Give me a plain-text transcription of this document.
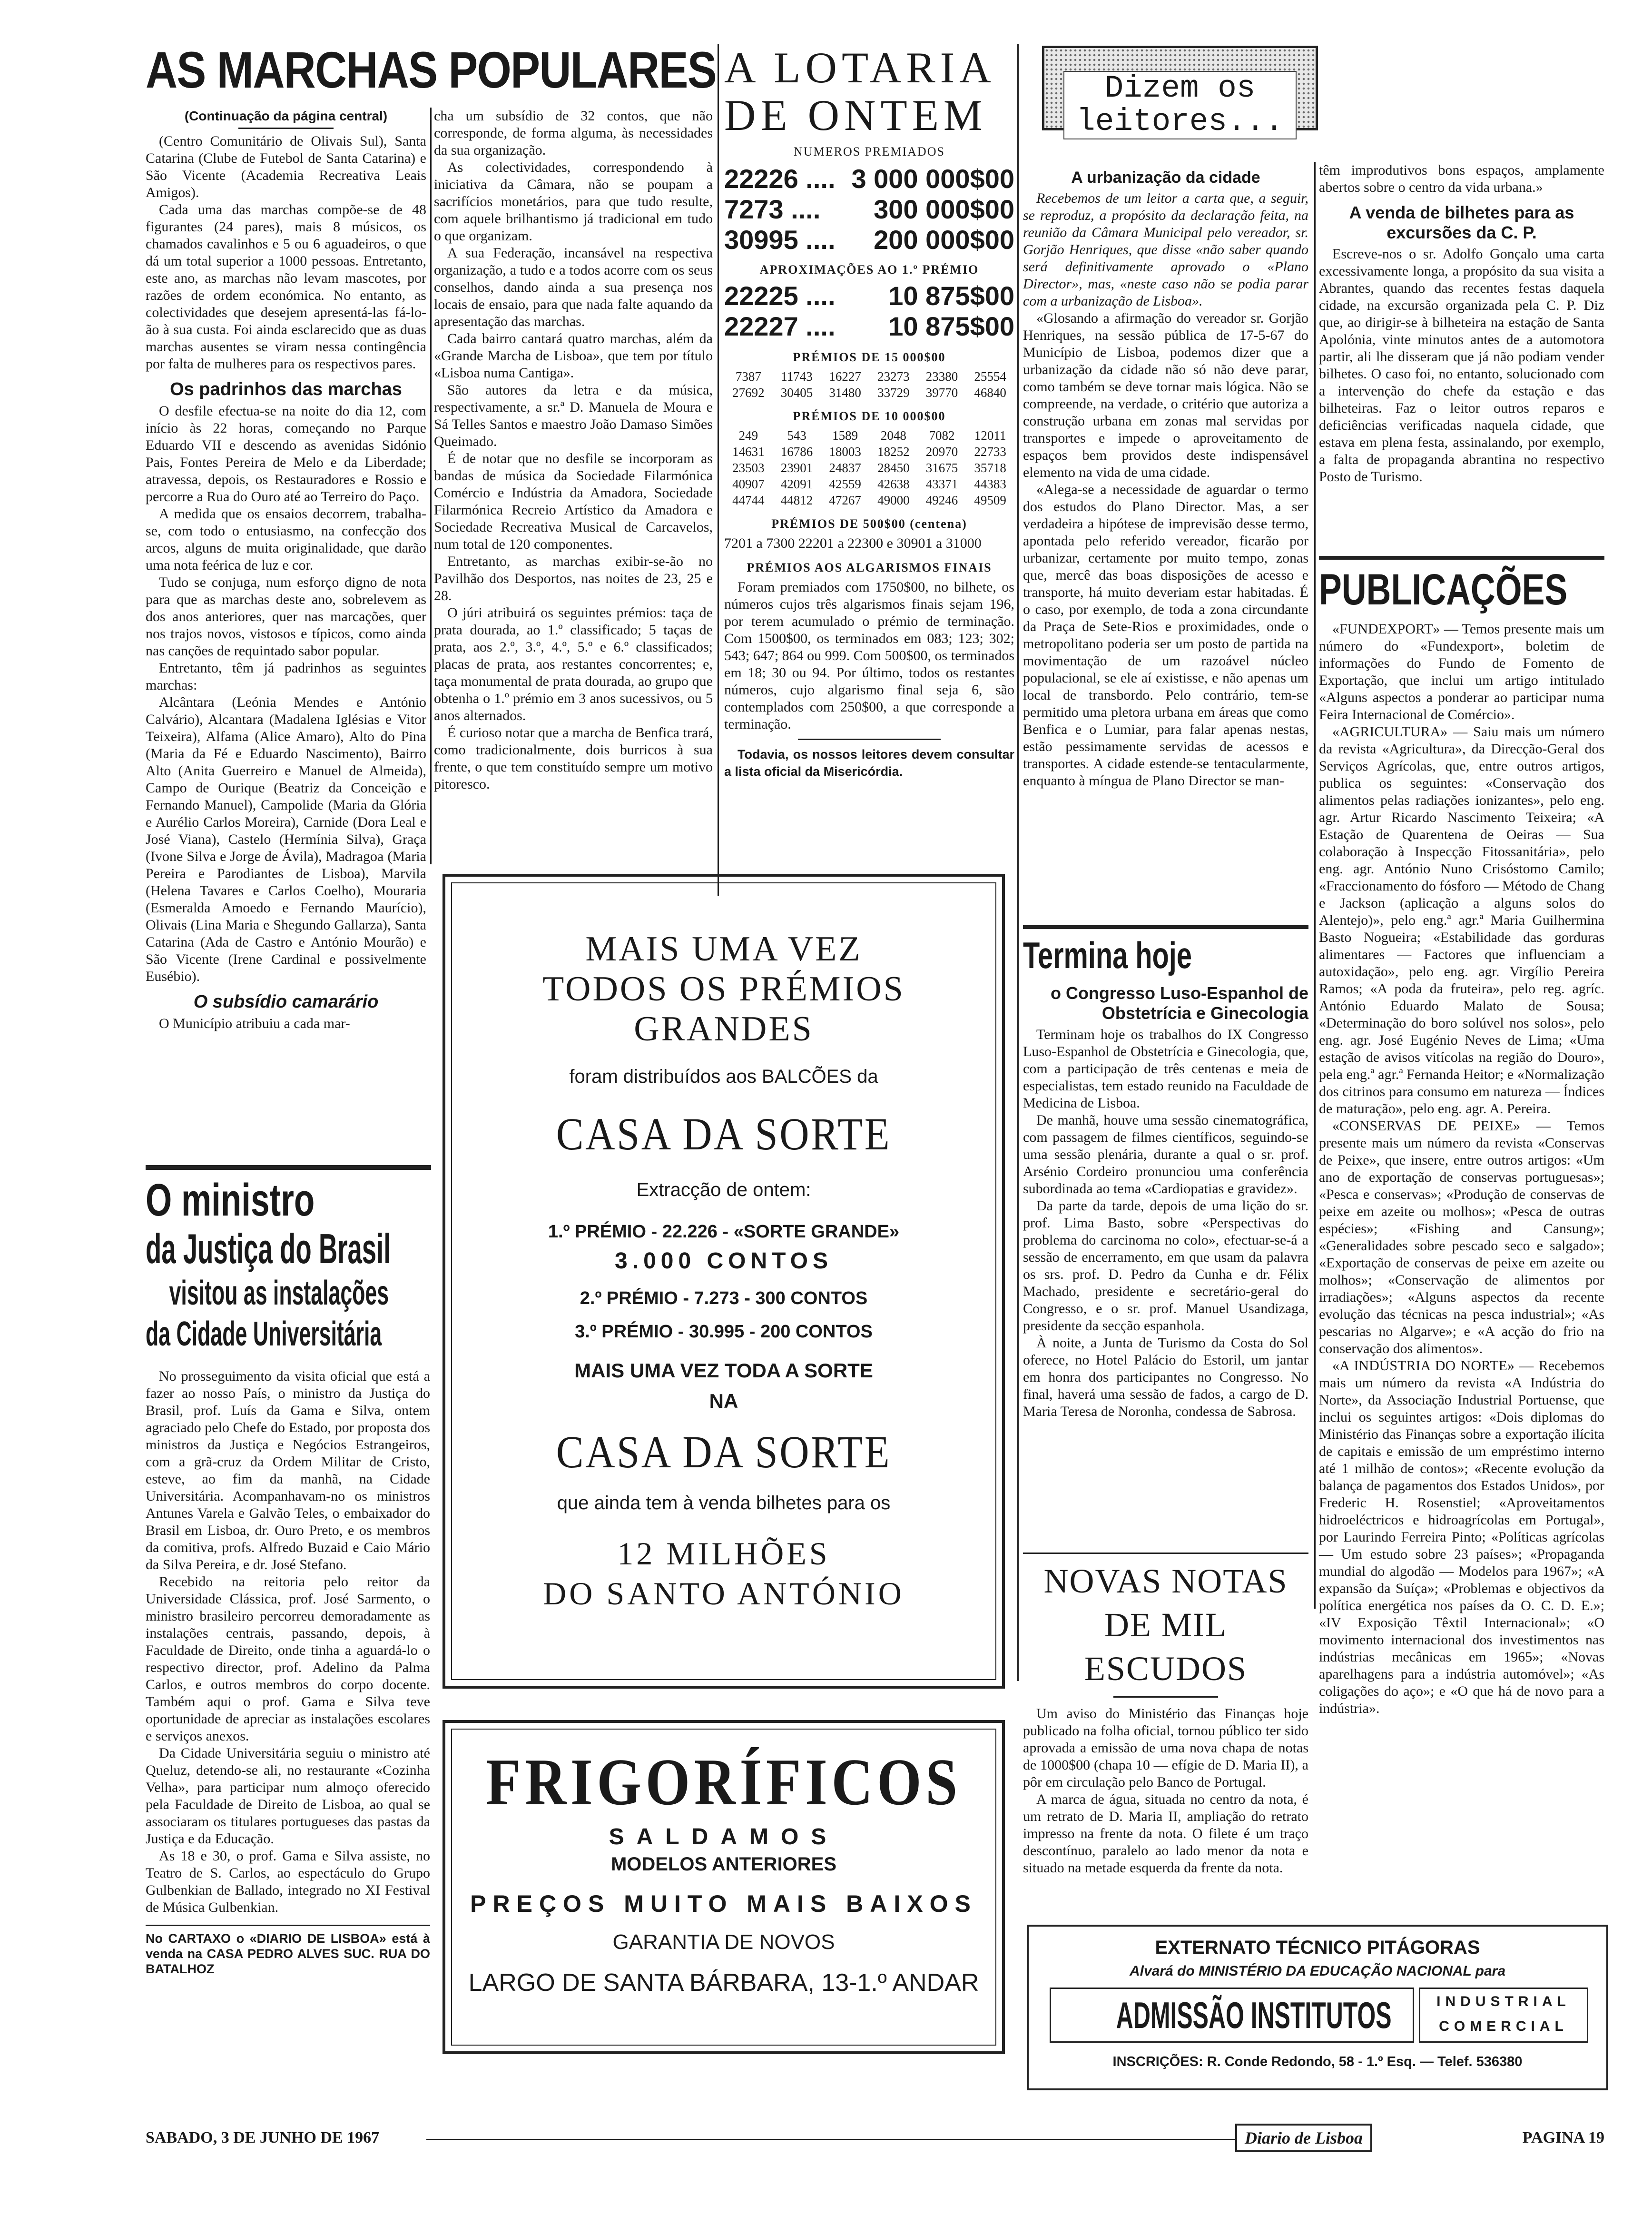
AS MARCHAS POPULARES

(Continuação da página central)

(Centro Comunitário de Olivais Sul), Santa Catarina (Clube de Futebol de Santa Catarina) e São Vicente (Academia Recreativa Leais Amigos).

Cada uma das marchas compõe-se de 48 figurantes (24 pares), mais 8 músicos, os chamados cavalinhos e 5 ou 6 aguadeiros, o que dá um total superior a 1000 pessoas. Entretanto, este ano, as marchas não levam mascotes, por razões de ordem económica. No entanto, as colectividades que desejem apresentá-las fá-lo-ão à sua custa. Foi ainda esclarecido que as duas marchas ausentes se viram nessa contingência por falta de mulheres para os respectivos pares.

Os padrinhos das marchas

O desfile efectua-se na noite do dia 12, com início às 22 horas, começando no Parque Eduardo VII e descendo as avenidas Sidónio Pais, Fontes Pereira de Melo e da Liberdade; atravessa, depois, os Restauradores e Rossio e percorre a Rua do Ouro até ao Terreiro do Paço.

A medida que os ensaios decorrem, trabalha-se, com todo o entusiasmo, na confecção dos arcos, alguns de muita originalidade, que darão uma nota feérica de luz e cor.

Tudo se conjuga, num esforço digno de nota para que as marchas deste ano, sobrelevem as dos anos anteriores, quer nas marcações, quer nos trajos novos, vistosos e típicos, como ainda nas canções de requintado sabor popular.

Entretanto, têm já padrinhos as seguintes marchas:

Alcântara (Leónia Mendes e António Calvário), Alcantara (Madalena Iglésias e Vitor Teixeira), Alfama (Alice Amaro), Alto do Pina (Maria da Fé e Eduardo Nascimento), Bairro Alto (Anita Guerreiro e Manuel de Almeida), Campo de Ourique (Beatriz da Conceição e Fernando Manuel), Campolide (Maria da Glória e Aurélio Carlos Moreira), Carnide (Dora Leal e José Viana), Castelo (Hermínia Silva), Graça (Ivone Silva e Jorge de Ávila), Madragoa (Maria Pereira e Parodiantes de Lisboa), Marvila (Helena Tavares e Carlos Coelho), Mouraria (Esmeralda Amoedo e Fernando Maurício), Olivais (Lina Maria e Shegundo Gallarza), Santa Catarina (Ada de Castro e António Mourão) e São Vicente (Irene Cardinal e possivelmente Eusébio).

O subsídio camarário

O Município atribuiu a cada mar-

cha um subsídio de 32 contos, que não corresponde, de forma alguma, às necessidades da sua organização.

As colectividades, correspondendo à iniciativa da Câmara, não se poupam a sacrifícios monetários, para que tudo resulte, com aquele brilhantismo já tradicional em tudo o que organizam.

A sua Federação, incansável na respectiva organização, a tudo e a todos acorre com os seus conselhos, dando ainda a sua presença nos locais de ensaio, para que nada falte aquando da apresentação das marchas.

Cada bairro cantará quatro marchas, além da «Grande Marcha de Lisboa», que tem por título «Lisboa numa Cantiga».

São autores da letra e da música, respectivamente, a sr.ª D. Manuela de Moura e Sá Telles Santos e maestro João Damaso Simões Queimado.

É de notar que no desfile se incorporam as bandas de música da Sociedade Filarmónica Comércio e Indústria da Amadora, Sociedade Filarmónica Recreio Artístico da Amadora e Sociedade Recreativa Musical de Carcavelos, num total de 120 componentes.

Entretanto, as marchas exibir-se-ão no Pavilhão dos Desportos, nas noites de 23, 25 e 28.

O júri atribuirá os seguintes prémios: taça de prata dourada, ao 1.º classificado; 5 taças de prata, aos 2.º, 3.º, 4.º, 5.º e 6.º classificados; placas de prata, aos restantes concorrentes; e, taça monumental de prata dourada, ao grupo que obtenha o 1.º prémio em 3 anos sucessivos, ou 5 anos alternados.

É curioso notar que a marcha de Benfica trará, como tradicionalmente, dois burricos à sua frente, o que tem constituído sempre um motivo pitoresco.

O ministro
da Justiça do Brasil
visitou as instalações
da Cidade Universitária

No prosseguimento da visita oficial que está a fazer ao nosso País, o ministro da Justiça do Brasil, prof. Luís da Gama e Silva, ontem agraciado pelo Chefe do Estado, por proposta dos ministros da Justiça e Negócios Estrangeiros, com a grã-cruz da Ordem Militar de Cristo, esteve, ao fim da manhã, na Cidade Universitária. Acompanhavam-no os ministros Antunes Varela e Galvão Teles, o embaixador do Brasil em Lisboa, dr. Ouro Preto, e os membros da comitiva, profs. Alfredo Buzaid e Caio Mário da Silva Pereira, e dr. José Stefano.

Recebido na reitoria pelo reitor da Universidade Clássica, prof. José Sarmento, o ministro brasileiro percorreu demoradamente as instalações centrais, passando, depois, à Faculdade de Direito, onde tinha a aguardá-lo o respectivo director, prof. Adelino da Palma Carlos, e outros membros do corpo docente. Também aqui o prof. Gama e Silva teve oportunidade de apreciar as instalações escolares e serviços anexos.

Da Cidade Universitária seguiu o ministro até Queluz, detendo-se ali, no restaurante «Cozinha Velha», para participar num almoço oferecido pela Faculdade de Direito de Lisboa, ao qual se associaram os titulares portugueses das pastas da Justiça e da Educação.

As 18 e 30, o prof. Gama e Silva assiste, no Teatro de S. Carlos, ao espectáculo do Grupo Gulbenkian de Ballado, integrado no XI Festival de Música Gulbenkian.

No CARTAXO o «DIARIO DE LISBOA» está à venda na CASA PEDRO ALVES SUC. RUA DO BATALHOZ

A LOTARIA
DE ONTEM
NUMEROS PREMIADOS
22226 .... 3 000 000$00
7273 .... 300 000$00
30995 .... 200 000$00
APROXIMAÇÕES AO 1.º PRÉMIO
22225 .... 10 875$00
22227 .... 10 875$00
PRÉMIOS DE 15 000$00
7387	11743	16227	23273	23380	25554
27692	30405	31480	33729	39770	46840
PRÉMIOS DE 10 000$00
249	543	1589	2048	7082	12011
14631	16786	18003	18252	20970	22733
23503	23901	24837	28450	31675	35718
40907	42091	42559	42638	43371	44383
44744	44812	47267	49000	49246	49509
PRÉMIOS DE 500$00 (centena)

7201 a 7300 22201 a 22300 e 30901 a 31000

PRÉMIOS AOS ALGARISMOS FINAIS

Foram premiados com 1750$00, no bilhete, os números cujos três algarismos finais sejam 196, por terem acumulado o prémio de terminação. Com 1500$00, os terminados em 083; 123; 302; 543; 647; 864 ou 999. Com 500$00, os terminados em 18; 30 ou 94. Por último, todos os restantes números, cujo algarismo final seja 6, são contemplados com 250$00, a que corresponde a terminação.

Todavia, os nossos leitores devem consultar a lista oficial da Misericórdia.

MAIS UMA VEZ
TODOS OS PRÉMIOS
GRANDES
foram distribuídos aos BALCÕES da
CASA DA SORTE
Extracção de ontem:
1.º PRÉMIO - 22.226 - «SORTE GRANDE»
3.000 CONTOS
2.º PRÉMIO - 7.273 - 300 CONTOS
3.º PRÉMIO - 30.995 - 200 CONTOS
MAIS UMA VEZ TODA A SORTE
NA
CASA DA SORTE
que ainda tem à venda bilhetes para os
12 MILHÕES
DO SANTO ANTÓNIO
FRIGORÍFICOS
SALDAMOS
MODELOS ANTERIORES
PREÇOS MUITO MAIS BAIXOS
GARANTIA DE NOVOS
LARGO DE SANTA BÁRBARA, 13-1.º ANDAR
Dizem os leitores...
A urbanização da cidade

Recebemos de um leitor a carta que, a seguir, se reproduz, a propósito da declaração feita, na reunião da Câmara Municipal pelo vereador, sr. Gorjão Henriques, que disse «não saber quando será definitivamente aprovado o «Plano Director», mas, «neste caso não se podia parar com a urbanização de Lisboa».

«Glosando a afirmação do vereador sr. Gorjão Henriques, na sessão pública de 17-5-67 do Município de Lisboa, podemos dizer que a urbanização da cidade não só não deve parar, como também se deve tornar mais lógica. Não se compreende, na verdade, o critério que autoriza a construção urbana em zonas mal servidas por transportes e impede o aproveitamento de espaços bem providos deste indispensável elemento na vida de uma cidade.

«Alega-se a necessidade de aguardar o termo dos estudos do Plano Director. Mas, a ser verdadeira a hipótese de imprevisão desse termo, apontada pelo referido vereador, ficarão por urbanizar, certamente por muito tempo, zonas que, mercê das boas disposições de acesso e transporte, há muito deveriam estar habitadas. É o caso, por exemplo, de toda a zona circundante da Praça de Sete-Rios e proximidades, onde o metropolitano poderia ser um posto de partida na movimentação de um razoável núcleo populacional, se ele aí existisse, e não apenas um local de transbordo. Pelo contrário, tem-se permitido uma pletora urbana em áreas que como Benfica e o Lumiar, para falar apenas nestas, estão pessimamente servidas de acessos e transportes. A cidade estende-se tentacularmente, enquanto à míngua de Plano Director se man-

têm improdutivos bons espaços, amplamente abertos sobre o centro da vida urbana.»

A venda de bilhetes para as excursões da C. P.

Escreve-nos o sr. Adolfo Gonçalo uma carta excessivamente longa, a propósito da sua visita a Abrantes, quando das recentes festas daquela cidade, na excursão organizada pela C. P. Diz que, ao dirigir-se à bilheteira na estação de Santa Apolónia, vinte minutos antes de a automotora partir, ali lhe disseram que já não podiam vender bilhetes. O caso foi, no entanto, solucionado com a intervenção do chefe da estação e das bilheteiras. Faz o leitor outros reparos e deficiências verificadas naquela cidade, que estava em plena festa, assinalando, por exemplo, a falta de propaganda abrantina no respectivo Posto de Turismo.

Termina hoje
o Congresso Luso-Espanhol de Obstetrícia e Ginecologia

Terminam hoje os trabalhos do IX Congresso Luso-Espanhol de Obstetrícia e Ginecologia, que, com a participação de três centenas e meia de especialistas, tem estado reunido na Faculdade de Medicina de Lisboa.

De manhã, houve uma sessão cinematográfica, com passagem de filmes científicos, seguindo-se uma sessão plenária, durante a qual o sr. prof. Arsénio Cordeiro pronunciou uma conferência subordinada ao tema «Cardiopatias e gravidez».

Da parte da tarde, depois de uma lição do sr. prof. Lima Basto, sobre «Perspectivas do problema do carcinoma no colo», efectuar-se-á a sessão de encerramento, em que usam da palavra os srs. prof. D. Pedro da Cunha e dr. Félix Machado, presidente e secretário-geral do Congresso, e o sr. prof. Manuel Usandizaga, presidente da secção espanhola.

À noite, a Junta de Turismo da Costa do Sol oferece, no Hotel Palácio do Estoril, um jantar em honra dos participantes no Congresso. No final, haverá uma sessão de fados, a cargo de D. Maria Teresa de Noronha, condessa de Sabrosa.

NOVAS NOTAS
DE MIL ESCUDOS

Um aviso do Ministério das Finanças hoje publicado na folha oficial, tornou público ter sido aprovada a emissão de uma nova chapa de notas de 1000$00 (chapa 10 — efígie de D. Maria II), a pôr em circulação pelo Banco de Portugal.

A marca de água, situada no centro da nota, é um retrato de D. Maria II, ampliação do retrato impresso na frente da nota. O filete é um traço descontínuo, paralelo ao lado menor da nota e situado na metade esquerda da frente da nota.

PUBLICAÇÕES

«FUNDEXPORT» — Temos presente mais um número do «Fundexport», boletim de informações do Fundo de Fomento de Exportação, que inclui um artigo intitulado «Alguns aspectos a ponderar ao participar numa Feira Internacional de Comércio».

«AGRICULTURA» — Saiu mais um número da revista «Agricultura», da Direcção-Geral dos Serviços Agrícolas, que, entre outros artigos, publica os seguintes: «Conservação dos alimentos pelas radiações ionizantes», pelo eng. agr. Artur Ricardo Nascimento Teixeira; «A Estação de Quarentena de Oeiras — Sua colaboração à Inspecção Fitossanitária», pelo eng. agr. António Nuno Crisóstomo Camilo; «Fraccionamento do fósforo — Método de Chang e Jackson (aplicação a alguns solos do Alentejo)», pelo eng.ª agr.ª Maria Guilhermina Basto Nogueira; «Estabilidade das gorduras alimentares — Factores que influenciam a autoxidação», pelo eng. agr. Virgílio Pereira Ramos; «A poda da fruteira», pelo reg. agríc. António Eduardo Malato de Sousa; «Determinação do boro solúvel nos solos», pelo eng. agr. José Eugénio Neves de Lima; «Uma estação de avisos vitícolas na região do Douro», pela eng.ª agr.ª Fernanda Heitor; e «Normalização dos citrinos para consumo em natureza — Índices de maturação», pelo eng. agr. A. Pereira.

«CONSERVAS DE PEIXE» — Temos presente mais um número da revista «Conservas de Peixe», que insere, entre outros artigos: «Um ano de exportação de conservas portuguesas»; «Pesca e conservas»; «Produção de conservas de peixe em azeite ou molhos»; «Pesca de outras espécies»; «Fishing and Cansung»; «Generalidades sobre pescado seco e salgado»; «Exportação de conservas de peixe em azeite ou molhos»; «Conservação de alimentos por irradiações»; «Alguns aspectos da recente evolução das técnicas na pesca industrial»; «As pescarias no Algarve»; e «A acção do frio na conservação dos alimentos».

«A INDÚSTRIA DO NORTE» — Recebemos mais um número da revista «A Indústria do Norte», da Associação Industrial Portuense, que inclui os seguintes artigos: «Dois diplomas do Ministério das Finanças sobre a exportação ilícita de capitais e emissão de um empréstimo interno até 1 milhão de contos»; «Recente evolução da balança de pagamentos dos Estados Unidos», por Frederic H. Rosenstiel; «Aproveitamentos hidroeléctricos e hidroagrícolas em Portugal», por Laurindo Ferreira Pinto; «Políticas agrícolas — Um estudo sobre 23 países»; «Propaganda mundial do algodão — Modelos para 1967»; «A expansão da Suíça»; «Problemas e objectivos da política energética nos países da O. C. D. E.»; «IV Exposição Têxtil Internacional»; «O movimento internacional dos investimentos nas indústrias mecânicas em 1965»; «Novas aparelhagens para a indústria automóvel»; «As coligações do aço»; e «O que há de novo para a indústria».

EXTERNATO TÉCNICO PITÁGORAS
Alvará do MINISTÉRIO DA EDUCAÇÃO NACIONAL para
ADMISSÃO INSTITUTOS	INDUSTRIAL
COMERCIAL
INSCRIÇÕES: R. Conde Redondo, 58 - 1.º Esq. — Telef. 536380
SABADO, 3 DE JUNHO DE 1967	Diario de Lisboa	PAGINA 19
